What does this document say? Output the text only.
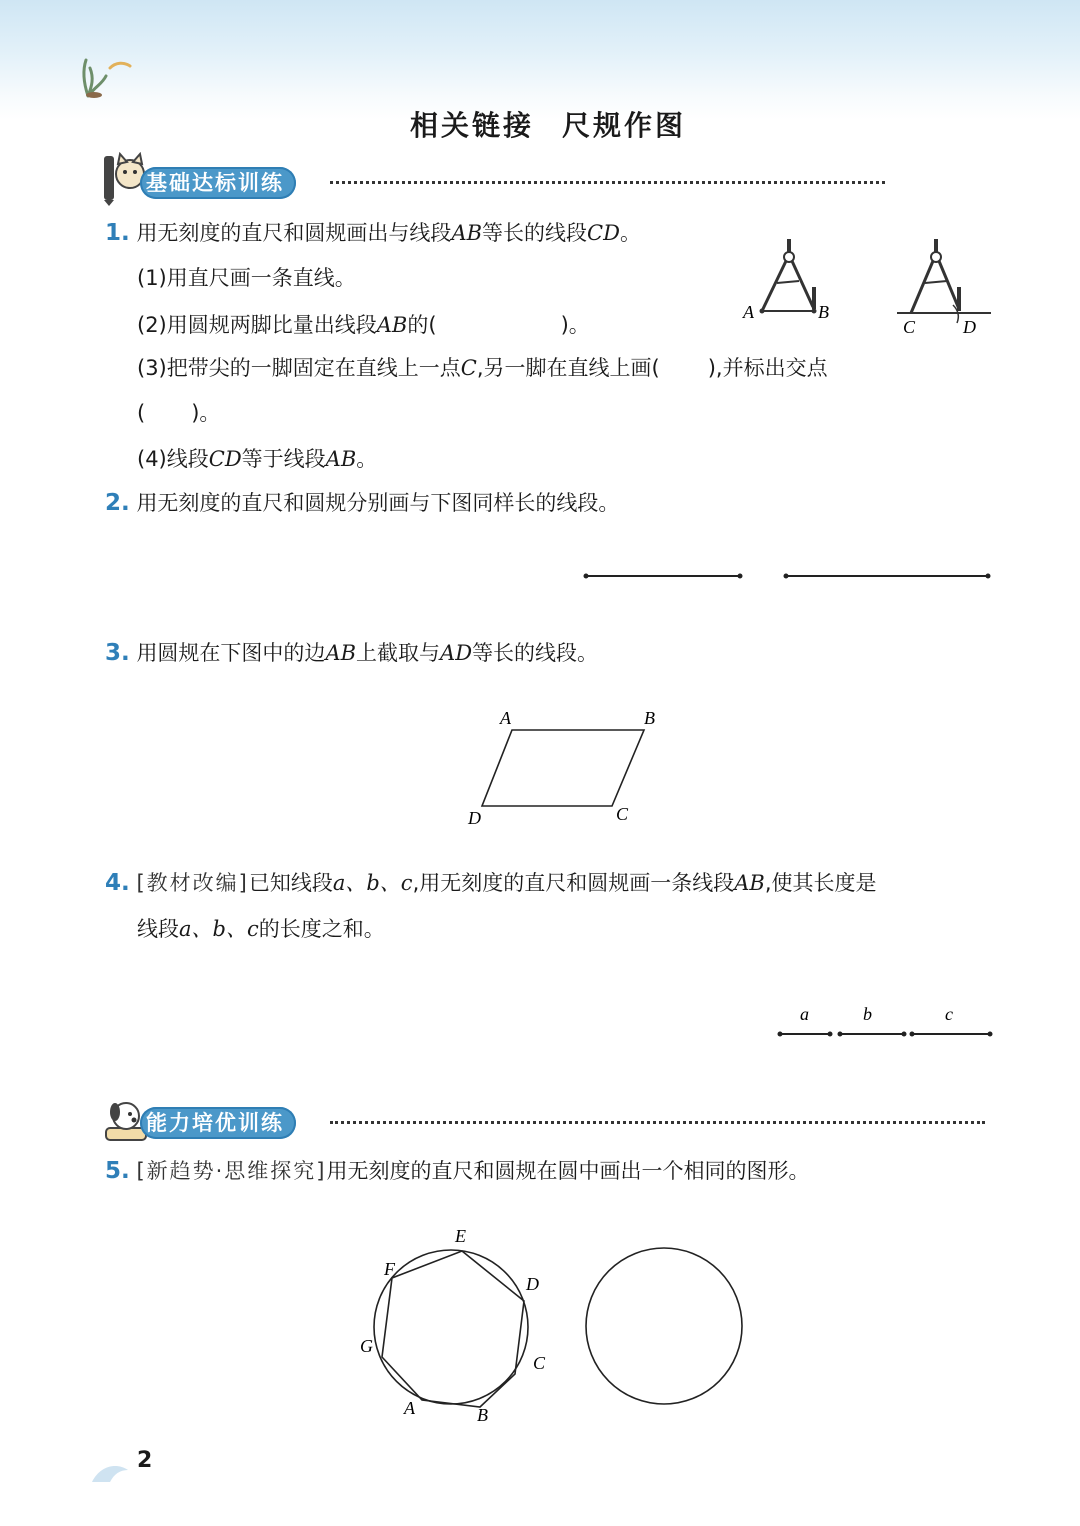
相关链接 尺规作图
基础达标训练
1. 用无刻度的直尺和圆规画出与线段AB等长的线段CD。
(1)用直尺画一条直线。
(2)用圆规两脚比量出线段AB的(	)。
(3)把带尖的一脚固定在直线上一点C,另一脚在直线上画( ),并标出交点
( )。
(4)线段CD等于线段AB。
A	B
C	D
2. 用无刻度的直尺和圆规分别画与下图同样长的线段。
3. 用圆规在下图中的边AB上截取与AD等长的线段。
A	B
C
D
4. [教材改编]已知线段a、b、c,用无刻度的直尺和圆规画一条线段AB,使其长度是
线段a、b、c的长度之和。
a	b	c
能力培优训练
5. [新趋势·思维探究]用无刻度的直尺和圆规在圆中画出一个相同的图形。
E
D
C
B
A
G
F
2
